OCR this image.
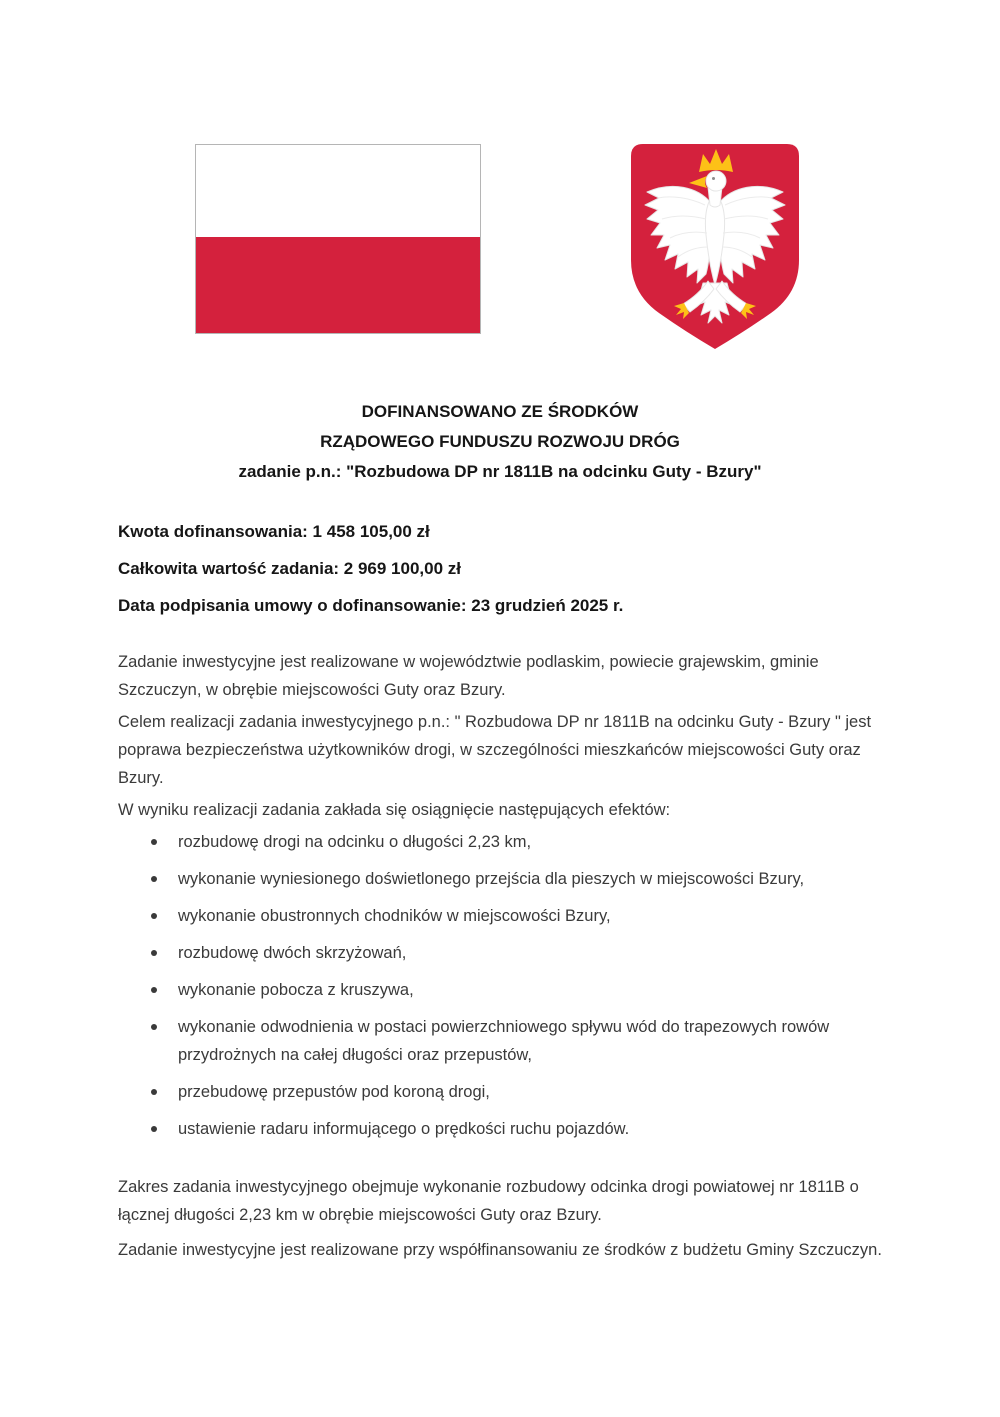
DOFINANSOWANO ZE ŚRODKÓW
RZĄDOWEGO FUNDUSZU ROZWOJU DRÓG
zadanie p.n.: "Rozbudowa DP nr 1811B na odcinku Guty - Bzury"
Kwota dofinansowania: 1 458 105,00 zł
Całkowita wartość zadania: 2 969 100,00 zł
Data podpisania umowy o dofinansowanie: 23 grudzień 2025 r.

Zadanie inwestycyjne jest realizowane w województwie podlaskim, powiecie grajewskim, gminie Szczuczyn, w obrębie miejscowości Guty oraz Bzury.

Celem realizacji zadania inwestycyjnego p.n.: " Rozbudowa DP nr 1811B na odcinku Guty - Bzury " jest poprawa bezpieczeństwa użytkowników drogi, w szczególności mieszkańców miejscowości Guty oraz Bzury.

W wyniku realizacji zadania zakłada się osiągnięcie następujących efektów:

rozbudowę drogi na odcinku o długości 2,23 km,
wykonanie wyniesionego doświetlonego przejścia dla pieszych w miejscowości Bzury,
wykonanie obustronnych chodników w miejscowości Bzury,
rozbudowę dwóch skrzyżowań,
wykonanie pobocza z kruszywa,
wykonanie odwodnienia w postaci powierzchniowego spływu wód do trapezowych rowów przydrożnych na całej długości oraz przepustów,
przebudowę przepustów pod koroną drogi,
ustawienie radaru informującego o prędkości ruchu pojazdów.

Zakres zadania inwestycyjnego obejmuje wykonanie rozbudowy odcinka drogi powiatowej nr 1811B o łącznej długości 2,23 km w obrębie miejscowości Guty oraz Bzury.

Zadanie inwestycyjne jest realizowane przy współfinansowaniu ze środków z budżetu Gminy Szczuczyn.
